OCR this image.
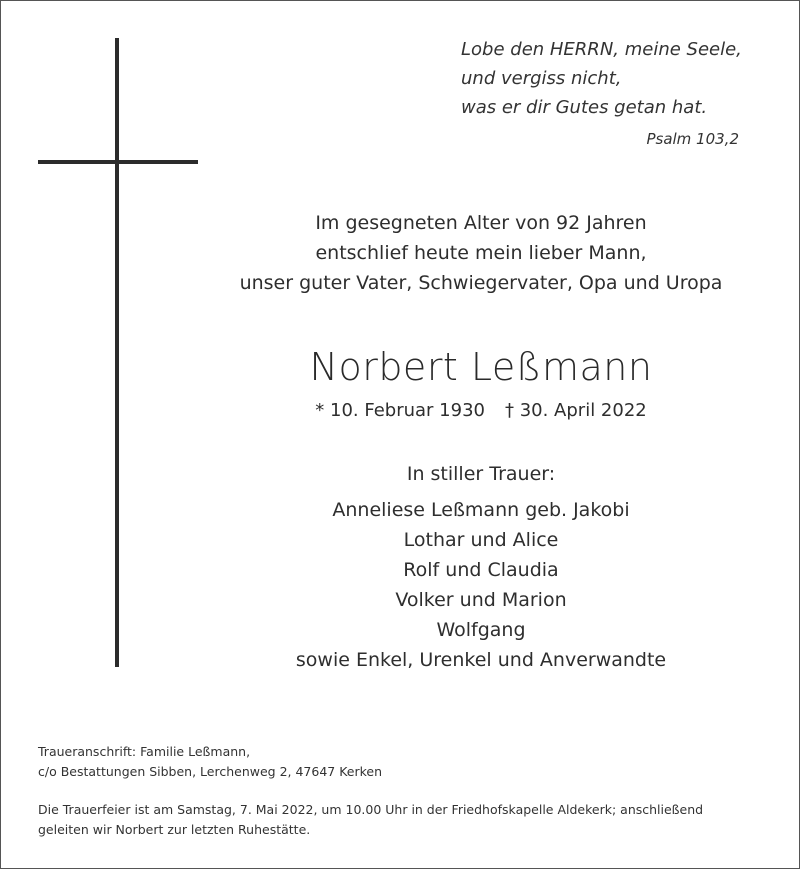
Lobe den HERRN, meine Seele,
und vergiss nicht,
was er dir Gutes getan hat.
Psalm 103,2
Im gesegneten Alter von 92 Jahren
entschlief heute mein lieber Mann,
unser guter Vater, Schwiegervater, Opa und Uropa
Norbert Leßmann
* 10. Februar 1930 † 30. April 2022
In stiller Trauer:
Anneliese Leßmann geb. Jakobi
Lothar und Alice
Rolf und Claudia
Volker und Marion
Wolfgang
sowie Enkel, Urenkel und Anverwandte
Traueranschrift: Familie Leßmann,
c/o Bestattungen Sibben, Lerchenweg 2, 47647 Kerken
Die Trauerfeier ist am Samstag, 7. Mai 2022, um 10.00 Uhr in der Friedhofskapelle Aldekerk; anschließend
geleiten wir Norbert zur letzten Ruhestätte.
